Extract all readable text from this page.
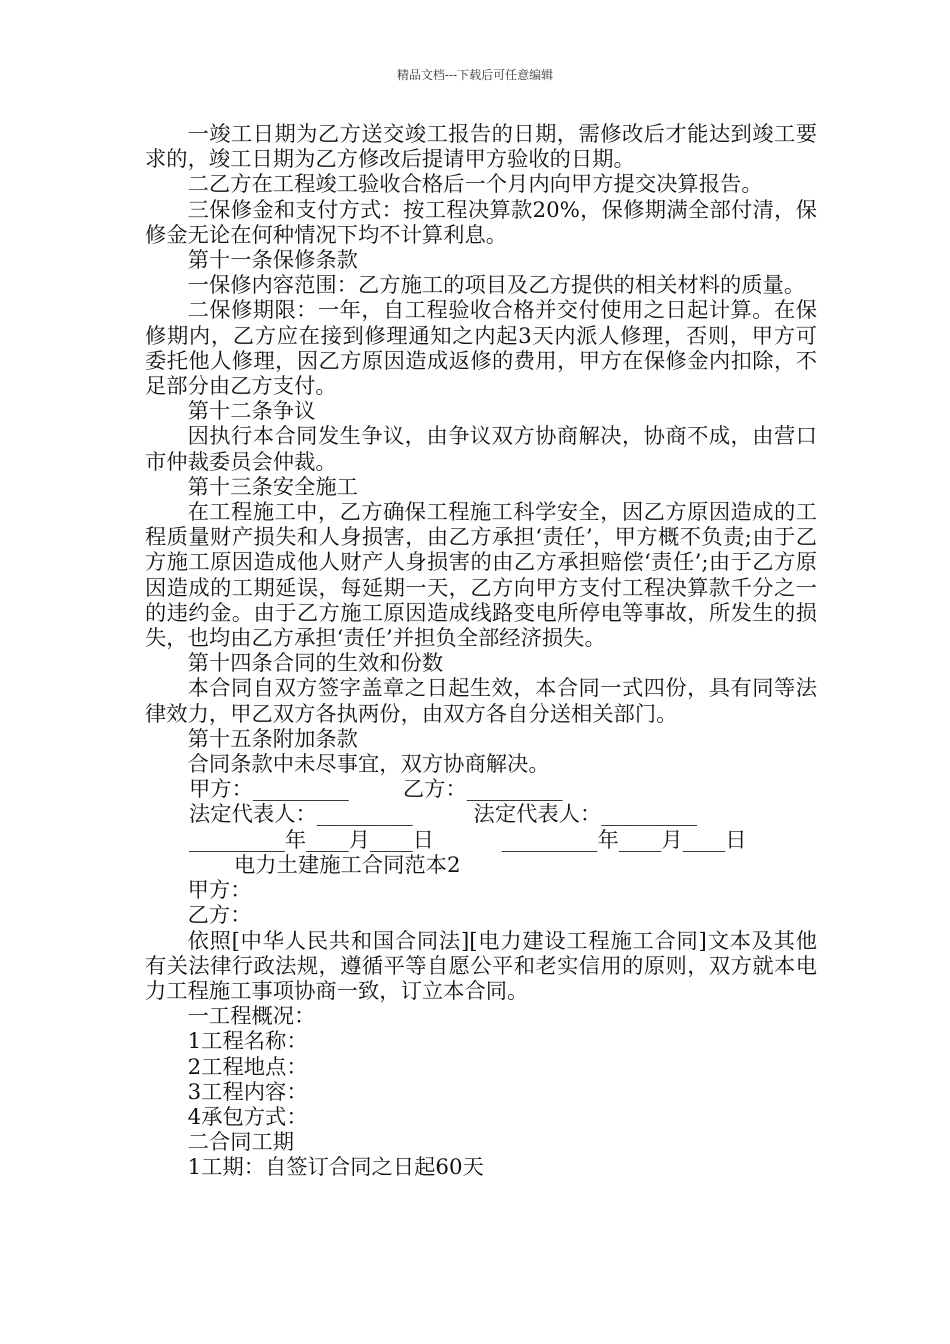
精品文档---下载后可任意编辑

一竣工日期为乙方送交竣工报告的日期，需修改后才能达到竣工要求的，竣工日期为乙方修改后提请甲方验收的日期。

二乙方在工程竣工验收合格后一个月内向甲方提交决算报告。

三保修金和支付方式：按工程决算款20%，保修期满全部付清，保修金无论在何种情况下均不计算利息。

第十一条保修条款

一保修内容范围：乙方施工的项目及乙方提供的相关材料的质量。

二保修期限：一年，自工程验收合格并交付使用之日起计算。在保修期内，乙方应在接到修理通知之内起3天内派人修理，否则，甲方可委托他人修理，因乙方原因造成返修的费用，甲方在保修金内扣除，不足部分由乙方支付。

第十二条争议

因执行本合同发生争议，由争议双方协商解决，协商不成，由营口市仲裁委员会仲裁。

第十三条安全施工

在工程施工中，乙方确保工程施工科学安全，因乙方原因造成的工程质量财产损失和人身损害，由乙方承担‘责任’，甲方概不负责;由于乙方施工原因造成他人财产人身损害的由乙方承担赔偿‘责任’;由于乙方原因造成的工期延误，每延期一天，乙方向甲方支付工程决算款千分之一的违约金。由于乙方施工原因造成线路变电所停电等事故，所发生的损失，也均由乙方承担‘责任’并担负全部经济损失。

第十四条合同的生效和份数

本合同自双方签字盖章之日起生效，本合同一式四份，具有同等法律效力，甲乙双方各执两份，由双方各自分送相关部门。

第十五条附加条款

合同条款中未尽事宜，双方协商解决。

甲方：_________        乙方：_________

法定代表人：_________         法定代表人：_________

_________年____月____日          _________年____月____日

电力土建施工合同范本2

甲方：

乙方：

依照[中华人民共和国合同法][电力建设工程施工合同]文本及其他有关法律行政法规，遵循平等自愿公平和老实信用的原则，双方就本电力工程施工事项协商一致，订立本合同。

一工程概况：

1工程名称：

2工程地点：

3工程内容：

4承包方式：

二合同工期

1工期：自签订合同之日起60天
